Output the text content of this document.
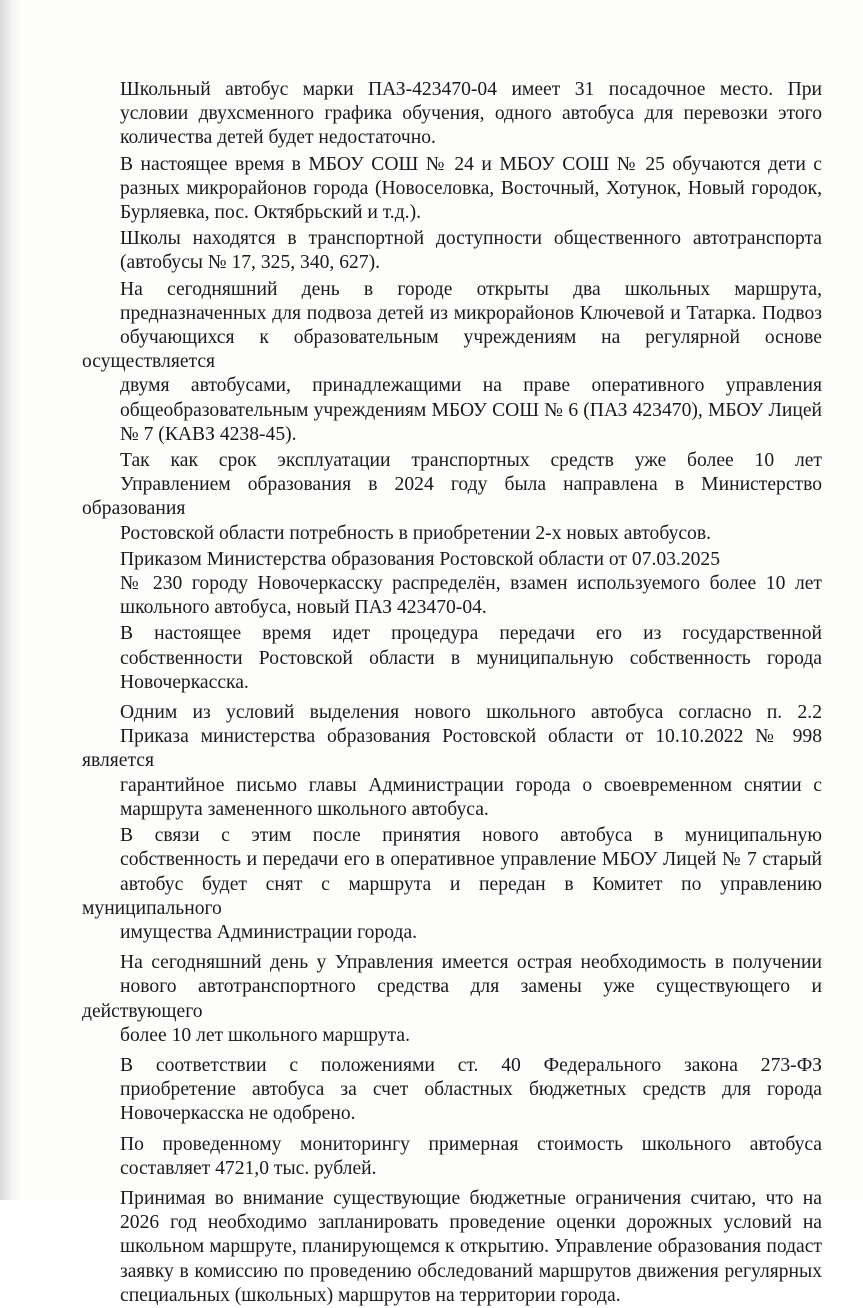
Школьный автобус марки ПАЗ-423470-04 имеет 31 посадочное место. При
условии двухсменного графика обучения, одного автобуса для перевозки этого
количества детей будет недостаточно.
В настоящее время в МБОУ СОШ № 24 и МБОУ СОШ № 25 обучаются дети с
разных микрорайонов города (Новоселовка, Восточный, Хотунок, Новый городок,
Бурляевка, пос. Октябрьский и т.д.).
Школы находятся в транспортной доступности общественного автотранспорта
(автобусы № 17, 325, 340, 627).
На сегодняшний день в городе открыты два школьных маршрута,
предназначенных для подвоза детей из микрорайонов Ключевой и Татарка. Подвоз
обучающихся к образовательным учреждениям на регулярной основе осуществляется
двумя автобусами, принадлежащими на праве оперативного управления
общеобразовательным учреждениям МБОУ СОШ № 6 (ПАЗ 423470), МБОУ Лицей
№ 7 (КАВЗ 4238-45).
Так как срок эксплуатации транспортных средств уже более 10 лет
Управлением образования в 2024 году была направлена в Министерство образования
Ростовской области потребность в приобретении 2-х новых автобусов.
Приказом Министерства образования Ростовской области от 07.03.2025
№ 230 городу Новочеркасску распределён, взамен используемого более 10 лет
школьного автобуса, новый ПАЗ 423470-04.
В настоящее время идет процедура передачи его из государственной
собственности Ростовской области в муниципальную собственность города
Новочеркасска.
Одним из условий выделения нового школьного автобуса согласно п. 2.2
Приказа министерства образования Ростовской области от 10.10.2022 № 998 является
гарантийное письмо главы Администрации города о своевременном снятии с
маршрута замененного школьного автобуса.
В связи с этим после принятия нового автобуса в муниципальную
собственность и передачи его в оперативное управление МБОУ Лицей № 7 старый
автобус будет снят с маршрута и передан в Комитет по управлению муниципального
имущества Администрации города.
На сегодняшний день у Управления имеется острая необходимость в получении
нового автотранспортного средства для замены уже существующего и действующего
более 10 лет школьного маршрута.
В соответствии с положениями ст. 40 Федерального закона 273-ФЗ
приобретение автобуса за счет областных бюджетных средств для города
Новочеркасска не одобрено.
По проведенному мониторингу примерная стоимость школьного автобуса
составляет 4721,0 тыс. рублей.
Принимая во внимание существующие бюджетные ограничения считаю, что на
2026 год необходимо запланировать проведение оценки дорожных условий на
школьном маршруте, планирующемся к открытию. Управление образования подаст
заявку в комиссию по проведению обследований маршрутов движения регулярных
специальных (школьных) маршрутов на территории города.
